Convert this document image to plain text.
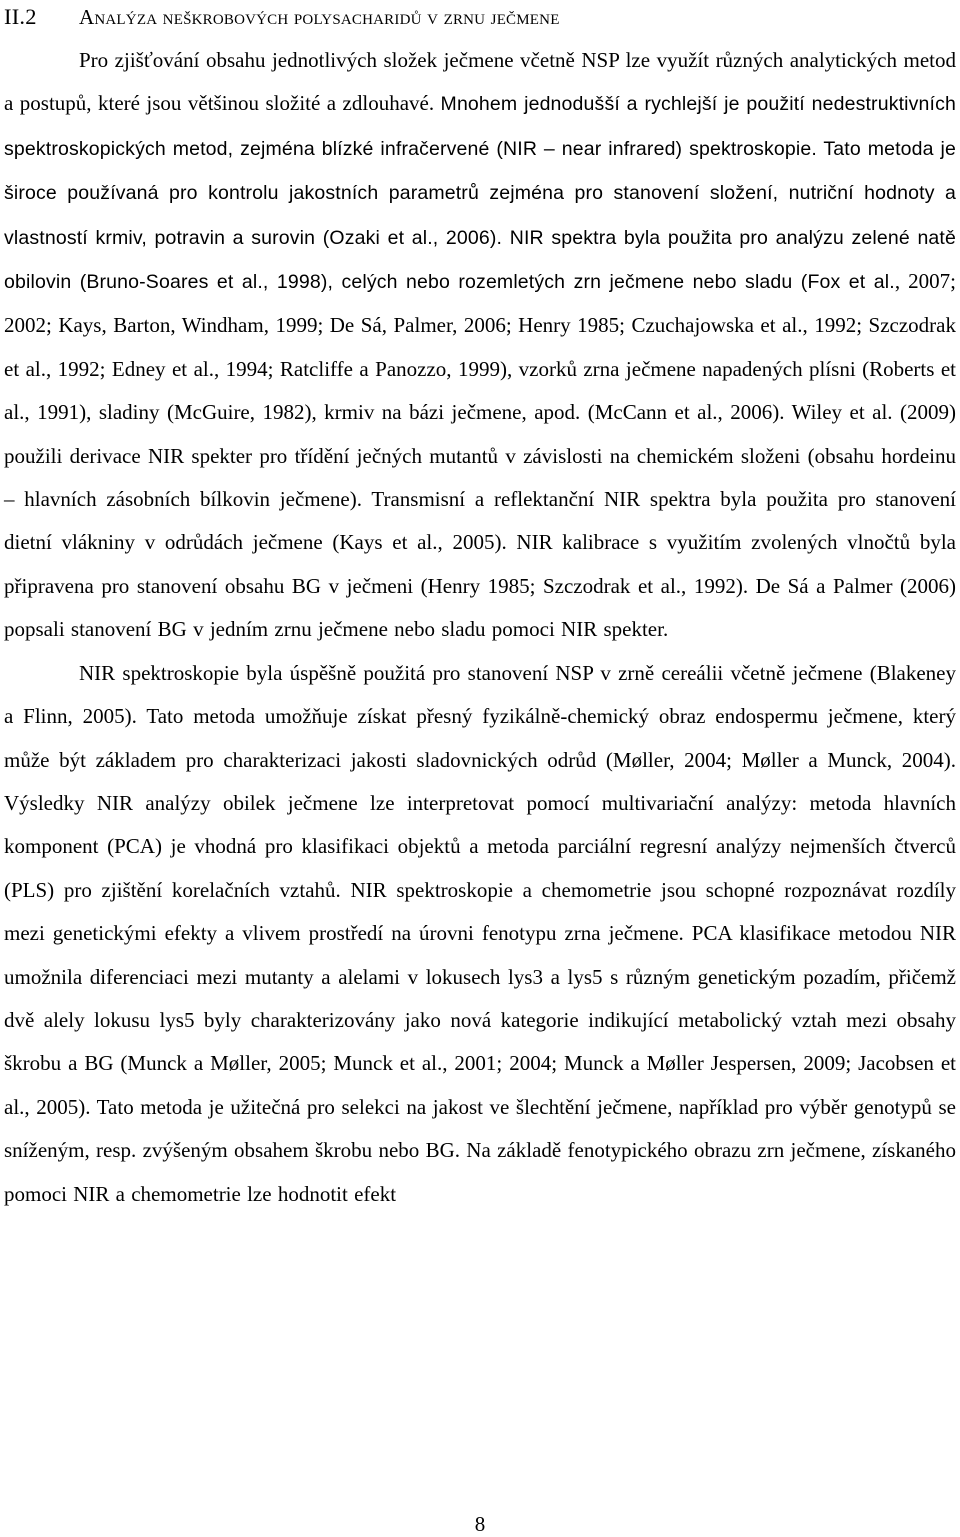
II.2 Analýza neškrobových polysacharidů v zrnu ječmene

Pro zjišťování obsahu jednotlivých složek ječmene včetně NSP lze využít různých analytických metod a postupů, které jsou většinou složité a zdlouhavé. Mnohem jednodušší a rychlejší je použití nedestruktivních spektroskopických metod, zejména blízké infračervené (NIR – near infrared) spektroskopie. Tato metoda je široce používaná pro kontrolu jakostních parametrů zejména pro stanovení složení, nutriční hodnoty a vlastností krmiv, potravin a surovin (Ozaki et al., 2006). NIR spektra byla použita pro analýzu zelené natě obilovin (Bruno-Soares et al., 1998), celých nebo rozemletých zrn ječmene nebo sladu (Fox et al., 2007; 2002; Kays, Barton, Windham, 1999; De Sá, Palmer, 2006; Henry 1985; Czuchajowska et al., 1992; Szczodrak et al., 1992; Edney et al., 1994; Ratcliffe a Panozzo, 1999), vzorků zrna ječmene napadených plísni (Roberts et al., 1991), sladiny (McGuire, 1982), krmiv na bázi ječmene, apod. (McCann et al., 2006). Wiley et al. (2009) použili derivace NIR spekter pro třídění ječných mutantů v závislosti na chemickém složeni (obsahu hordeinu – hlavních zásobních bílkovin ječmene). Transmisní a reflektanční NIR spektra byla použita pro stanovení dietní vlákniny v odrůdách ječmene (Kays et al., 2005). NIR kalibrace s využitím zvolených vlnočtů byla připravena pro stanovení obsahu BG v ječmeni (Henry 1985; Szczodrak et al., 1992). De Sá a Palmer (2006) popsali stanovení BG v jedním zrnu ječmene nebo sladu pomoci NIR spekter.

NIR spektroskopie byla úspěšně použitá pro stanovení NSP v zrně cereálii včetně ječmene (Blakeney a Flinn, 2005). Tato metoda umožňuje získat přesný fyzikálně-chemický obraz endospermu ječmene, který může být základem pro charakterizaci jakosti sladovnických odrůd (Møller, 2004; Møller a Munck, 2004). Výsledky NIR analýzy obilek ječmene lze interpretovat pomocí multivariační analýzy: metoda hlavních komponent (PCA) je vhodná pro klasifikaci objektů a metoda parciální regresní analýzy nejmenších čtverců (PLS) pro zjištění korelačních vztahů. NIR spektroskopie a chemometrie jsou schopné rozpoznávat rozdíly mezi genetickými efekty a vlivem prostředí na úrovni fenotypu zrna ječmene. PCA klasifikace metodou NIR umožnila diferenciaci mezi mutanty a alelami v lokusech lys3 a lys5 s různým genetickým pozadím, přičemž dvě alely lokusu lys5 byly charakterizovány jako nová kategorie indikující metabolický vztah mezi obsahy škrobu a BG (Munck a Møller, 2005; Munck et al., 2001; 2004; Munck a Møller Jespersen, 2009; Jacobsen et al., 2005). Tato metoda je užitečná pro selekci na jakost ve šlechtění ječmene, například pro výběr genotypů se sníženým, resp. zvýšeným obsahem škrobu nebo BG. Na základě fenotypického obrazu zrn ječmene, získaného pomoci NIR a chemometrie lze hodnotit efekt

8
